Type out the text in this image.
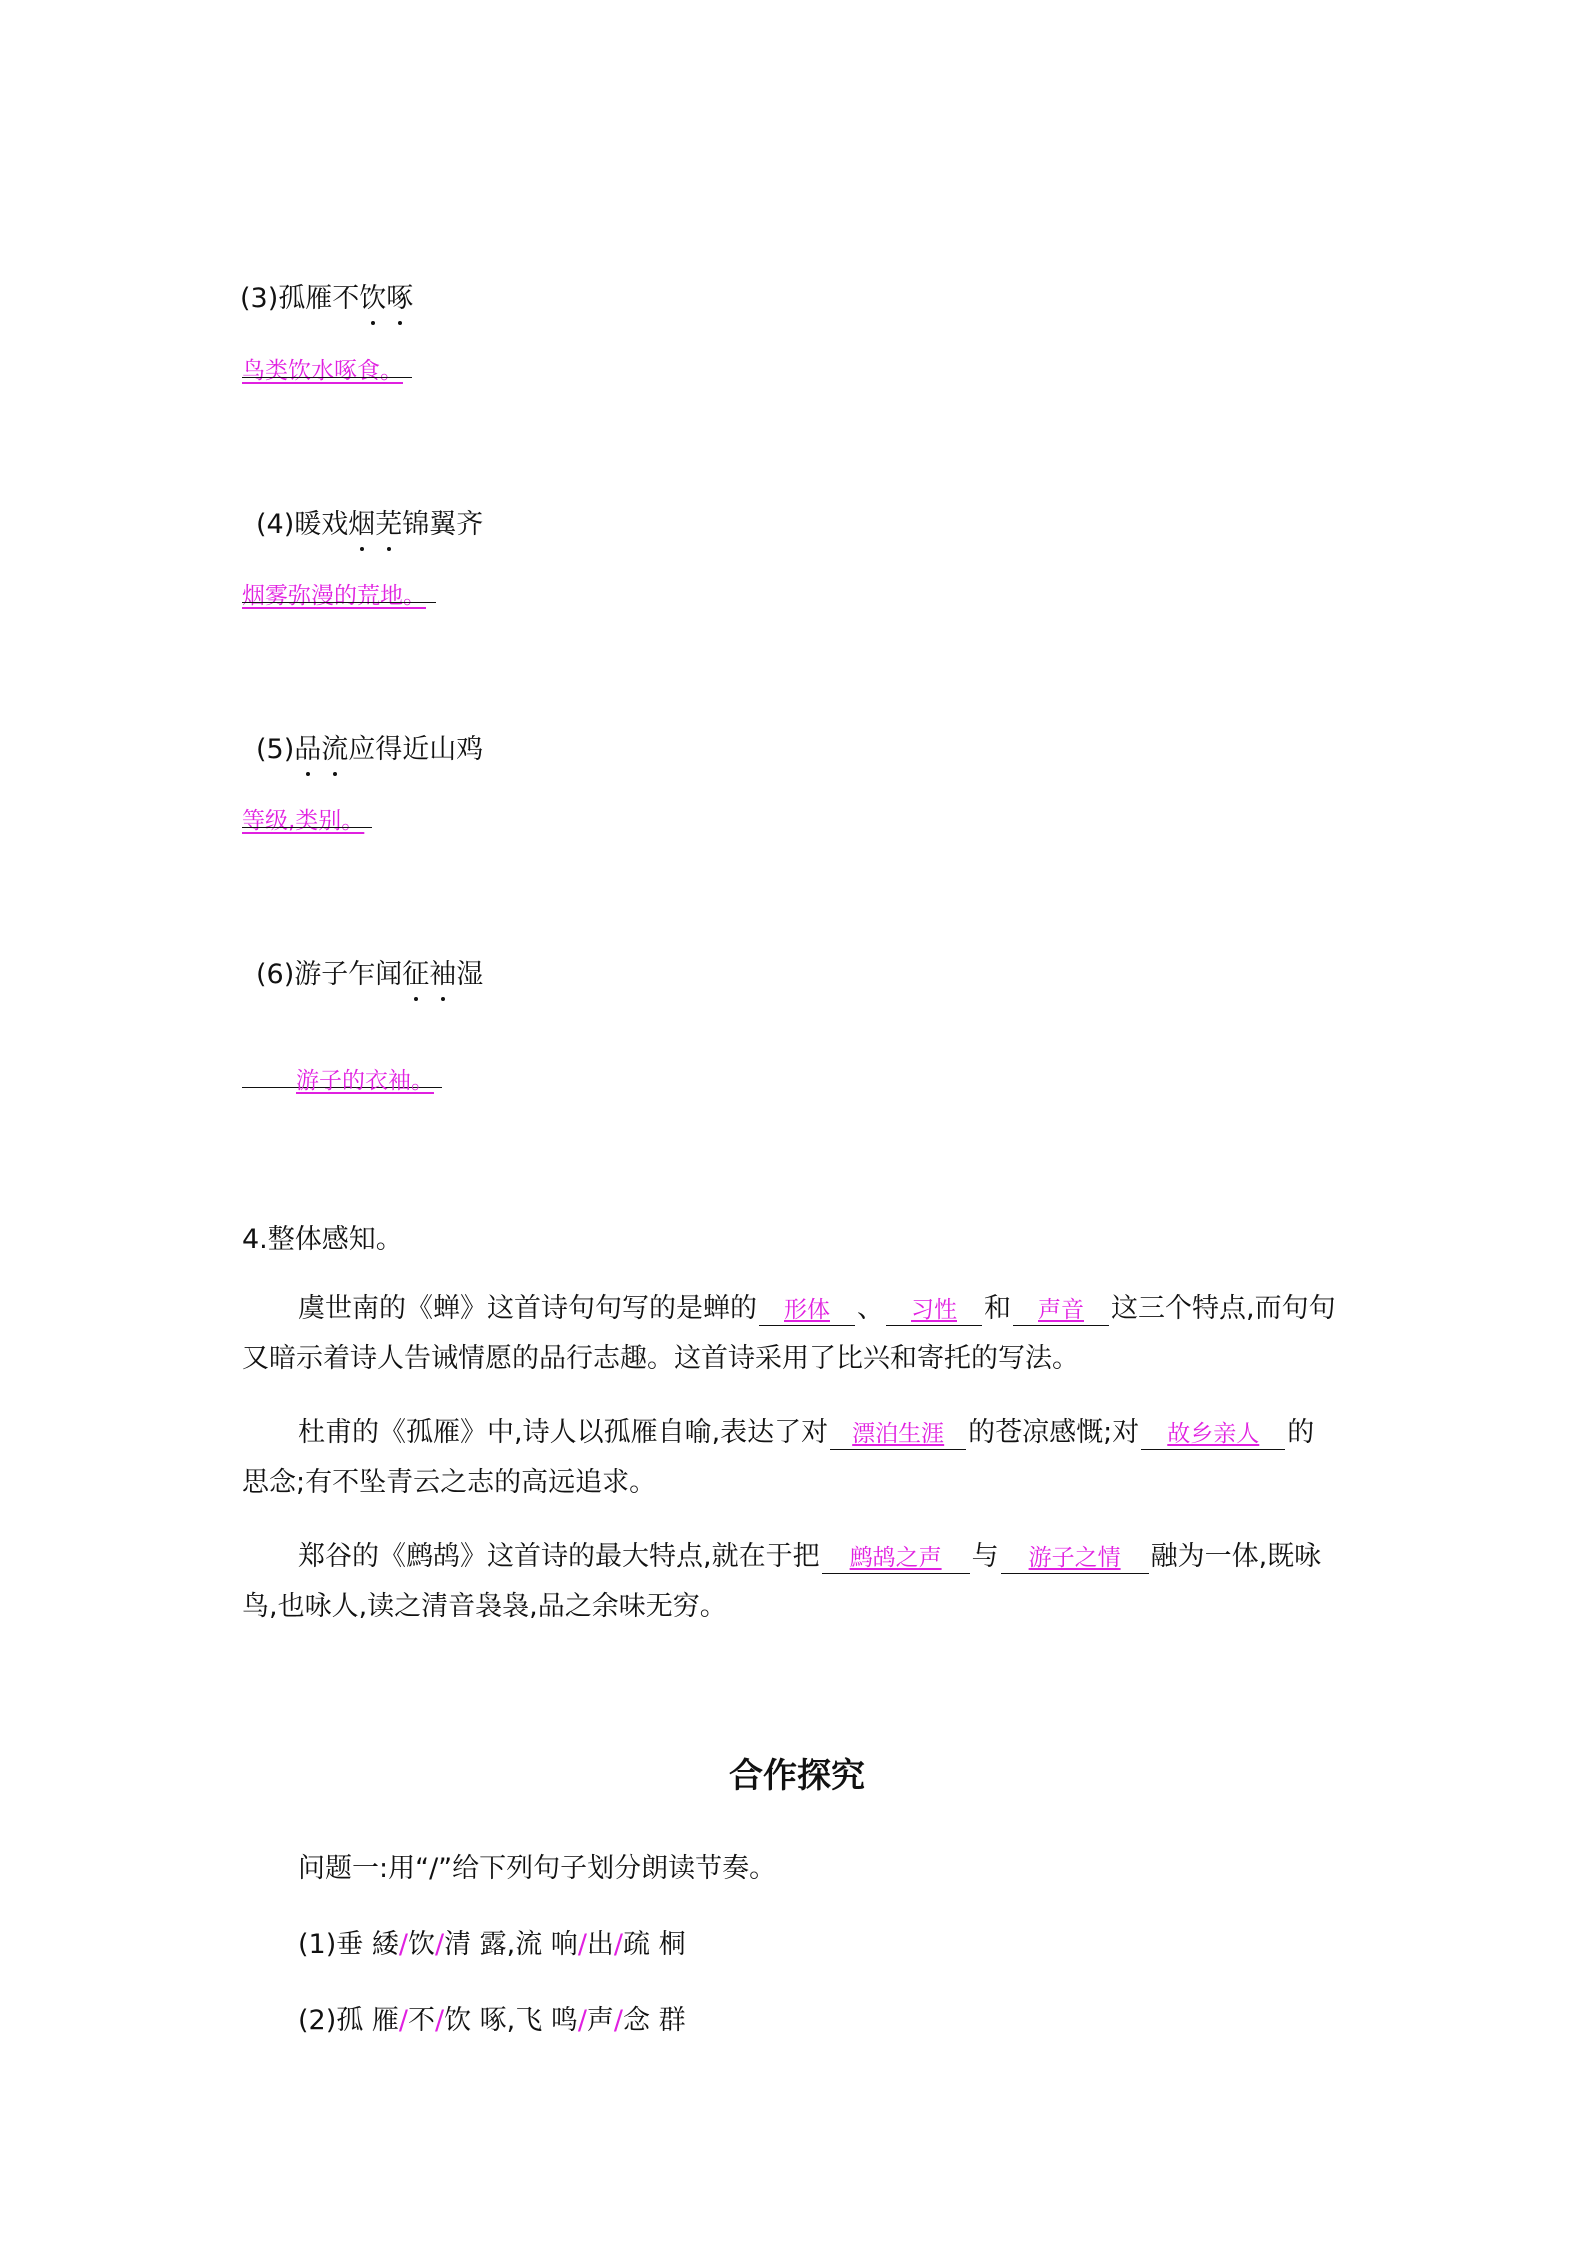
(3)孤雁不饮啄
鸟类饮水啄食。
(4)暖戏烟芜锦翼齐
烟雾弥漫的荒地。
(5)品流应得近山鸡
等级,类别。
(6)游子乍闻征袖湿
游子的衣袖。
4.整体感知。
虞世南的《蝉》这首诗句句写的是蝉的 形体 、 习性 和 声音 这三个特点,而句句
又暗示着诗人告诫情愿的品行志趣。这首诗采用了比兴和寄托的写法。
杜甫的《孤雁》中,诗人以孤雁自喻,表达了对 漂泊生涯 的苍凉感慨;对 故乡亲人 的
思念;有不坠青云之志的高远追求。
郑谷的《鹧鸪》这首诗的最大特点,就在于把 鹧鸪之声 与 游子之情 融为一体,既咏
鸟,也咏人,读之清音袅袅,品之余味无穷。
合作探究
问题一:用“/”给下列句子划分朗读节奏。
(1)垂 緌/饮/清 露,流 响/出/疏 桐
(2)孤 雁/不/饮 啄,飞 鸣/声/念 群
